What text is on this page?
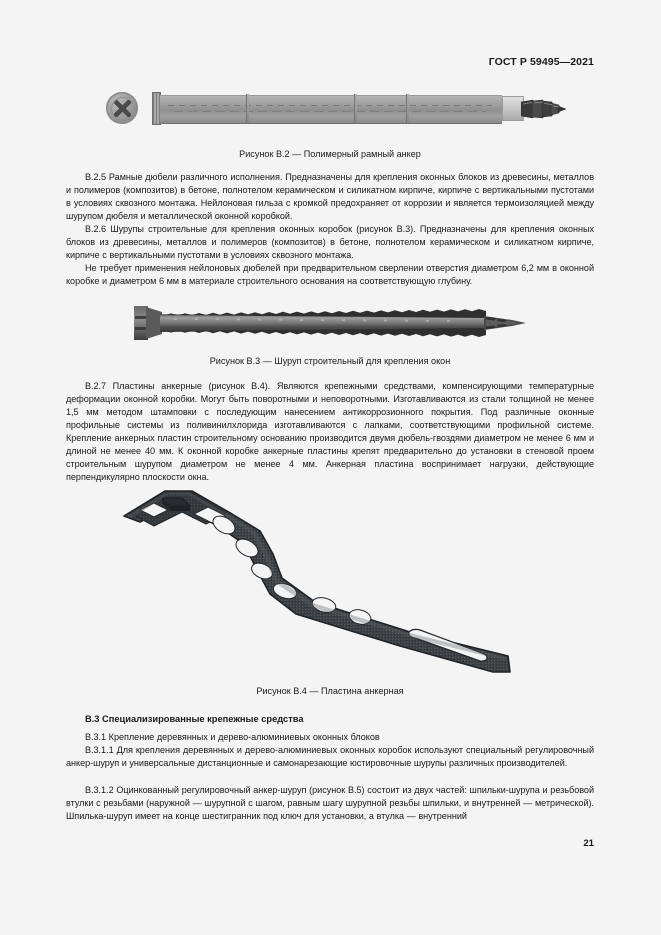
ГОСТ Р 59495—2021
Рисунок В.2 — Полимерный рамный анкер
В.2.5 Рамные дюбели различного исполнения. Предназначены для крепления оконных блоков из древесины, металлов и полимеров (композитов) в бетоне, полнотелом керамическом и силикатном кирпиче, кирпиче с вертикальными пустотами в условиях сквозного монтажа. Нейлоновая гильза с кромкой предохраняет от коррозии и является термоизоляцией между шурупом дюбеля и металлической оконной коробкой.
В.2.6 Шурупы строительные для крепления оконных коробок (рисунок В.3). Предназначены для крепления оконных блоков из древесины, металлов и полимеров (композитов) в бетоне, полнотелом керамическом и силикатном кирпиче, кирпиче с вертикальными пустотами в условиях сквозного монтажа.
Не требует применения нейлоновых дюбелей при предварительном сверлении отверстия диаметром 6,2 мм в оконной коробке и диаметром 6 мм в материале строительного основания на соответствующую глубину.
Рисунок В.3 — Шуруп строительный для крепления окон
В.2.7 Пластины анкерные (рисунок В.4). Являются крепежными средствами, компенсирующими температурные деформации оконной коробки. Могут быть поворотными и неповоротными. Изготавливаются из стали толщиной не менее 1,5 мм методом штамповки с последующим нанесением антикоррозионного покрытия. Под различные оконные профильные системы из поливинилхлорида изготавливаются с лапками, соответствующими профильной системе. Крепление анкерных пластин строительному основанию производится двумя дюбель-гвоздями диаметром не менее 6 мм и длиной не менее 40 мм. К оконной коробке анкерные пластины крепят предварительно до установки в стеновой проем строительным шурупом диаметром не менее 4 мм. Анкерная пластина воспринимает нагрузки, действующие перпендикулярно плоскости окна.
Рисунок В.4 — Пластина анкерная
В.3 Специализированные крепежные средства
В.3.1 Крепление деревянных и дерево-алюминиевых оконных блоков
В.3.1.1 Для крепления деревянных и дерево-алюминиевых оконных коробок используют специальный регулировочный анкер-шуруп и универсальные дистанционные и самонарезающие юстировочные шурупы различных производителей.
В.3.1.2 Оцинкованный регулировочный анкер-шуруп (рисунок В.5) состоит из двух частей: шпильки-шурупа и резьбовой втулки с резьбами (наружной — шурупной с шагом, равным шагу шурупной резьбы шпильки, и внутренней — метрической). Шпилька-шуруп имеет на конце шестигранник под ключ для установки, а втулка — внутренний
21
